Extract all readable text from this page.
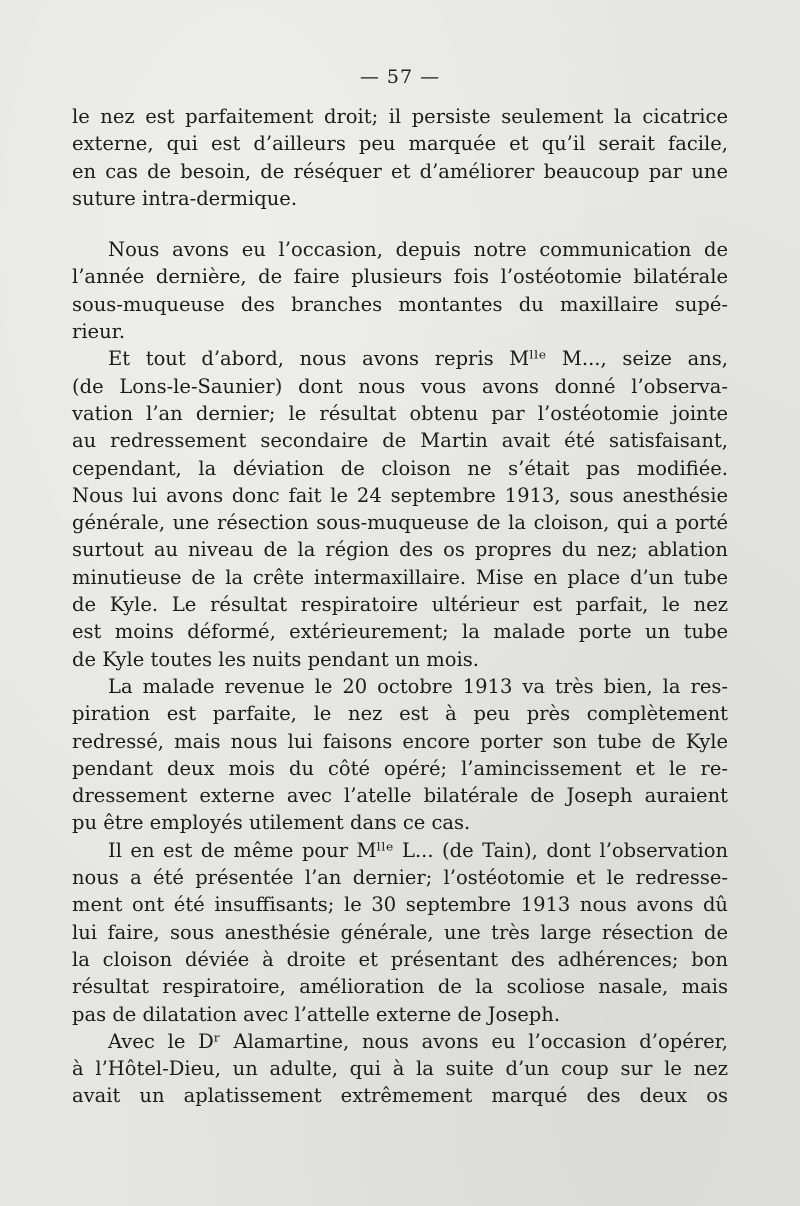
— 57 —

le nez est parfaitement droit; il persiste seulement la cicatrice
externe, qui est d’ailleurs peu marquée et qu’il serait facile,
en cas de besoin, de réséquer et d’améliorer beaucoup par une
suture intra-dermique.

Nous avons eu l’occasion, depuis notre communication de
l’année dernière, de faire plusieurs fois l’ostéotomie bilatérale
sous-muqueuse des branches montantes du maxillaire supé-
rieur.

Et tout d’abord, nous avons repris Mˡˡᵉ M..., seize ans,
(de Lons-le-Saunier) dont nous vous avons donné l’observa-
vation l’an dernier; le résultat obtenu par l’ostéotomie jointe
au redressement secondaire de Martin avait été satisfaisant,
cependant, la déviation de cloison ne s’était pas modifiée.
Nous lui avons donc fait le 24 septembre 1913, sous anesthésie
générale, une résection sous-muqueuse de la cloison, qui a porté
surtout au niveau de la région des os propres du nez; ablation
minutieuse de la crête intermaxillaire. Mise en place d’un tube
de Kyle. Le résultat respiratoire ultérieur est parfait, le nez
est moins déformé, extérieurement; la malade porte un tube
de Kyle toutes les nuits pendant un mois.

La malade revenue le 20 octobre 1913 va très bien, la res-
piration est parfaite, le nez est à peu près complètement
redressé, mais nous lui faisons encore porter son tube de Kyle
pendant deux mois du côté opéré; l’amincissement et le re-
dressement externe avec l’atelle bilatérale de Joseph auraient
pu être employés utilement dans ce cas.

Il en est de même pour Mˡˡᵉ L... (de Tain), dont l’observation
nous a été présentée l’an dernier; l’ostéotomie et le redresse-
ment ont été insuffisants; le 30 septembre 1913 nous avons dû
lui faire, sous anesthésie générale, une très large résection de
la cloison déviée à droite et présentant des adhérences; bon
résultat respiratoire, amélioration de la scoliose nasale, mais
pas de dilatation avec l’attelle externe de Joseph.

Avec le Dʳ Alamartine, nous avons eu l’occasion d’opérer,
à l’Hôtel-Dieu, un adulte, qui à la suite d’un coup sur le nez
avait un aplatissement extrêmement marqué des deux os
